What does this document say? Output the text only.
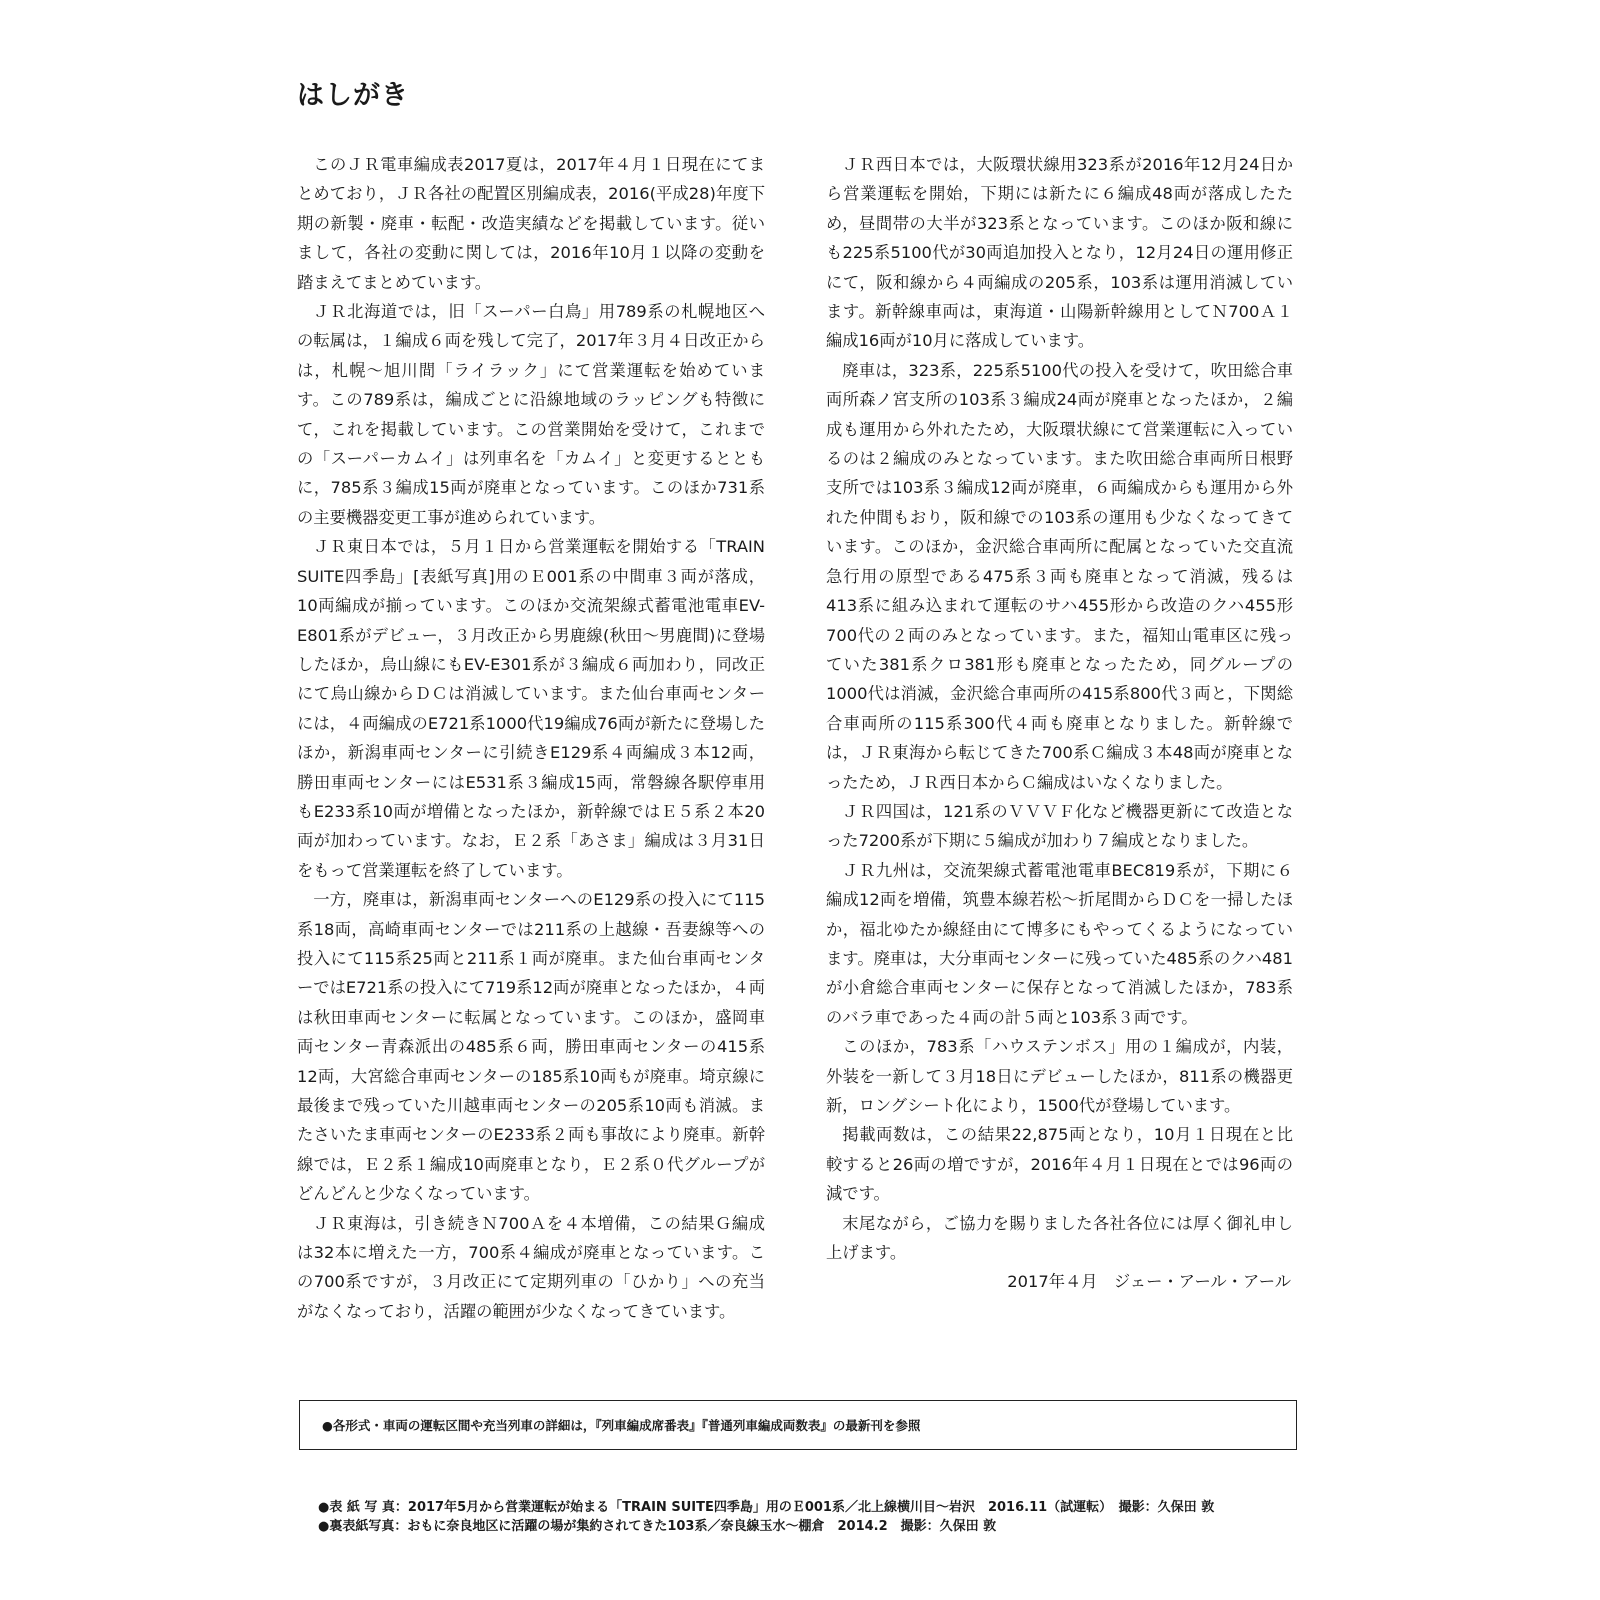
はしがき

このＪＲ電車編成表2017夏は，2017年４月１日現在にてまとめており，ＪＲ各社の配置区別編成表，2016(平成28)年度下期の新製・廃車・転配・改造実績などを掲載しています。従いまして，各社の変動に関しては，2016年10月１以降の変動を踏まえてまとめています。

ＪＲ北海道では，旧「スーパー白鳥」用789系の札幌地区への転属は，１編成６両を残して完了，2017年３月４日改正からは，札幌～旭川間「ライラック」にて営業運転を始めています。この789系は，編成ごとに沿線地域のラッピングも特徴にて，これを掲載しています。この営業開始を受けて，これまでの「スーパーカムイ」は列車名を「カムイ」と変更するとともに，785系３編成15両が廃車となっています。このほか731系の主要機器変更工事が進められています。

ＪＲ東日本では，５月１日から営業運転を開始する「TRAIN SUITE四季島」[表紙写真]用のＥ001系の中間車３両が落成，10両編成が揃っています。このほか交流架線式蓄電池電車EV-E801系がデビュー，３月改正から男鹿線(秋田～男鹿間)に登場したほか，烏山線にもEV-E301系が３編成６両加わり，同改正にて烏山線からＤＣは消滅しています。また仙台車両センターには，４両編成のE721系1000代19編成76両が新たに登場したほか，新潟車両センターに引続きE129系４両編成３本12両，勝田車両センターにはE531系３編成15両，常磐線各駅停車用もE233系10両が増備となったほか，新幹線ではＥ５系２本20両が加わっています。なお，Ｅ２系「あさま」編成は３月31日をもって営業運転を終了しています。

一方，廃車は，新潟車両センターへのE129系の投入にて115系18両，高崎車両センターでは211系の上越線・吾妻線等への投入にて115系25両と211系１両が廃車。また仙台車両センターではE721系の投入にて719系12両が廃車となったほか，４両は秋田車両センターに転属となっています。このほか，盛岡車両センター青森派出の485系６両，勝田車両センターの415系12両，大宮総合車両センターの185系10両もが廃車。埼京線に最後まで残っていた川越車両センターの205系10両も消滅。またさいたま車両センターのE233系２両も事故により廃車。新幹線では，Ｅ２系１編成10両廃車となり，Ｅ２系０代グループがどんどんと少なくなっています。

ＪＲ東海は，引き続きＮ700Ａを４本増備，この結果Ｇ編成は32本に増えた一方，700系４編成が廃車となっています。この700系ですが，３月改正にて定期列車の「ひかり」への充当がなくなっており，活躍の範囲が少なくなってきています。

ＪＲ西日本では，大阪環状線用323系が2016年12月24日から営業運転を開始，下期には新たに６編成48両が落成したため，昼間帯の大半が323系となっています。このほか阪和線にも225系5100代が30両追加投入となり，12月24日の運用修正にて，阪和線から４両編成の205系，103系は運用消滅しています。新幹線車両は，東海道・山陽新幹線用としてＮ700Ａ１編成16両が10月に落成しています。

廃車は，323系，225系5100代の投入を受けて，吹田総合車両所森ノ宮支所の103系３編成24両が廃車となったほか，２編成も運用から外れたため，大阪環状線にて営業運転に入っているのは２編成のみとなっています。また吹田総合車両所日根野支所では103系３編成12両が廃車，６両編成からも運用から外れた仲間もおり，阪和線での103系の運用も少なくなってきています。このほか，金沢総合車両所に配属となっていた交直流急行用の原型である475系３両も廃車となって消滅，残るは413系に組み込まれて運転のサハ455形から改造のクハ455形700代の２両のみとなっています。また，福知山電車区に残っていた381系クロ381形も廃車となったため，同グループの1000代は消滅，金沢総合車両所の415系800代３両と，下関総合車両所の115系300代４両も廃車となりました。新幹線では，ＪＲ東海から転じてきた700系Ｃ編成３本48両が廃車となったため，ＪＲ西日本からＣ編成はいなくなりました。

ＪＲ四国は，121系のＶＶＶＦ化など機器更新にて改造となった7200系が下期に５編成が加わり７編成となりました。

ＪＲ九州は，交流架線式蓄電池電車BEC819系が，下期に６編成12両を増備，筑豊本線若松～折尾間からＤＣを一掃したほか，福北ゆたか線経由にて博多にもやってくるようになっています。廃車は，大分車両センターに残っていた485系のクハ481が小倉総合車両センターに保存となって消滅したほか，783系のバラ車であった４両の計５両と103系３両です。

このほか，783系「ハウステンボス」用の１編成が，内装，外装を一新して３月18日にデビューしたほか，811系の機器更新，ロングシート化により，1500代が登場しています。

掲載両数は，この結果22,875両となり，10月１日現在と比較すると26両の増ですが，2016年４月１日現在とでは96両の減です。

末尾ながら，ご協力を賜りました各社各位には厚く御礼申し上げます。

2017年４月　ジェー・アール・アール

●各形式・車両の運転区間や充当列車の詳細は，『列車編成席番表』『普通列車編成両数表』の最新刊を参照
●表 紙 写 真：2017年5月から営業運転が始まる「TRAIN SUITE四季島」用のＥ001系／北上線横川目～岩沢　2016.11（試運転）　撮影：久保田 敦
●裏表紙写真：おもに奈良地区に活躍の場が集約されてきた103系／奈良線玉水～棚倉　2014.2　撮影：久保田 敦
